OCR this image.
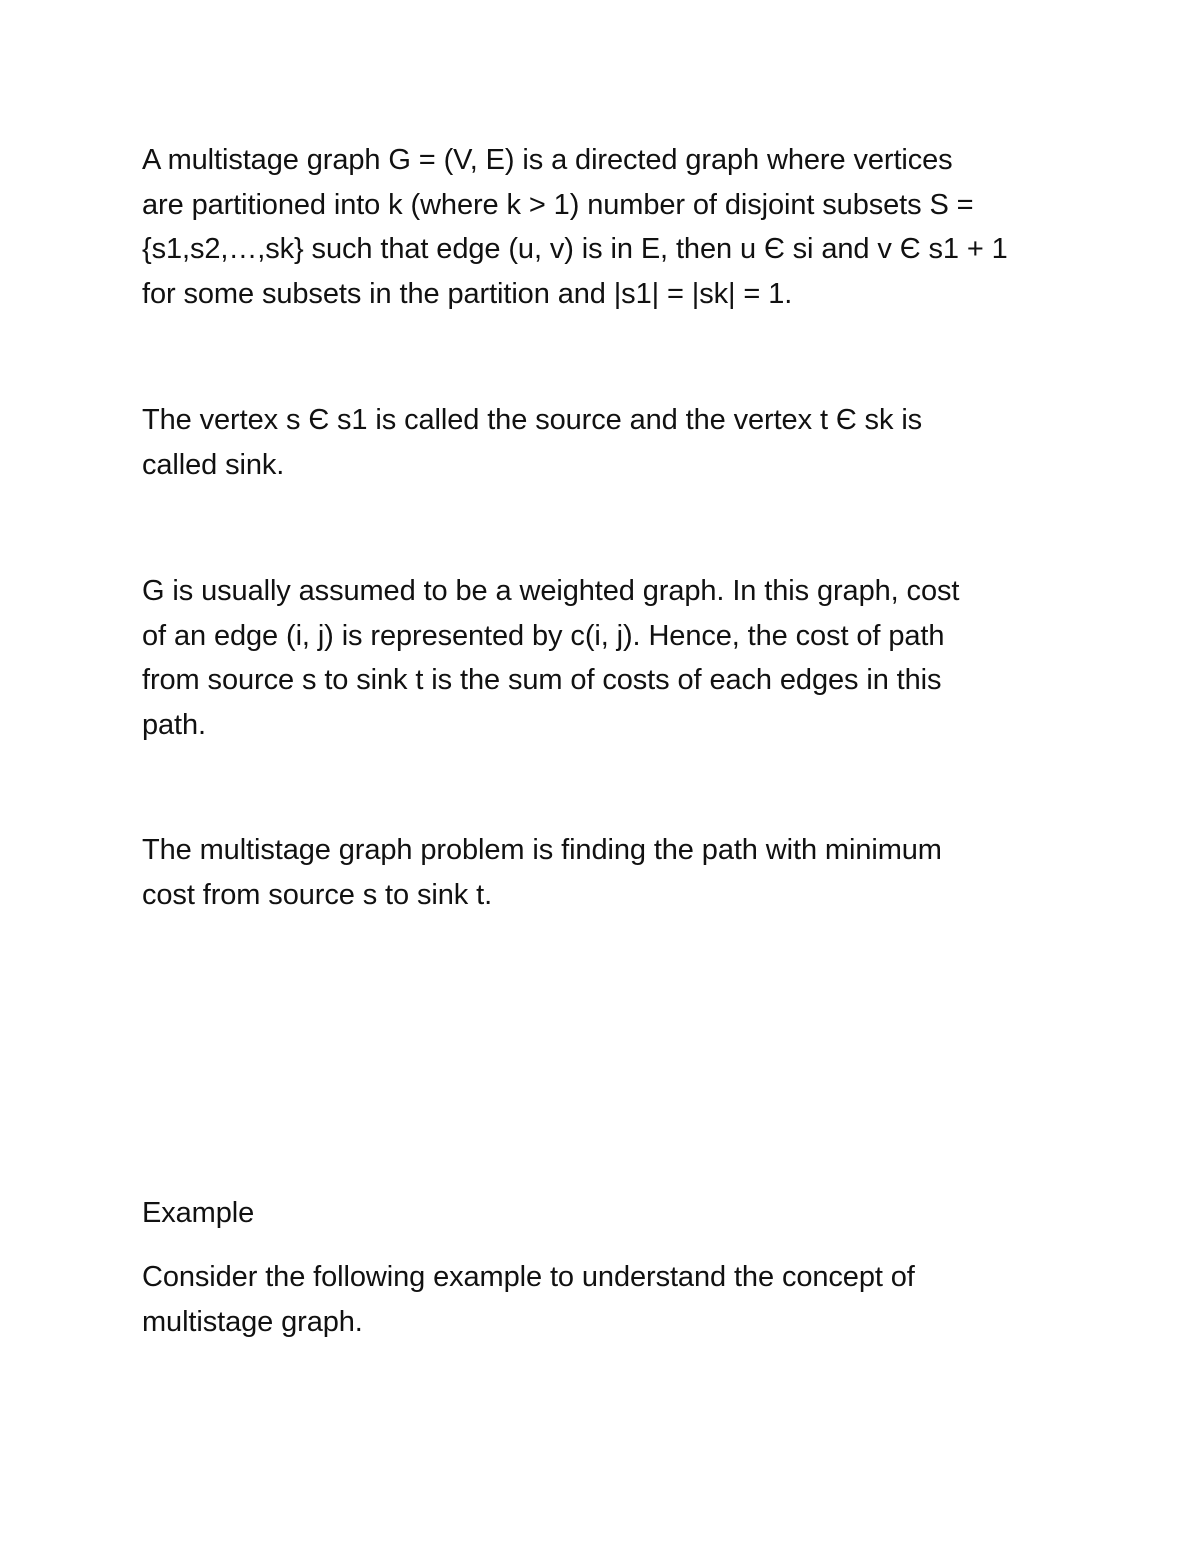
A multistage graph G = (V, E) is a directed graph where vertices
are partitioned into k (where k > 1) number of disjoint subsets S =
{s1,s2,…,sk} such that edge (u, v) is in E, then u Є si and v Є s1 + 1
for some subsets in the partition and |s1| = |sk| = 1.

The vertex s Є s1 is called the source and the vertex t Є sk is
called sink.

G is usually assumed to be a weighted graph. In this graph, cost
of an edge (i, j) is represented by c(i, j). Hence, the cost of path
from source s to sink t is the sum of costs of each edges in this
path.

The multistage graph problem is finding the path with minimum
cost from source s to sink t.

Example

Consider the following example to understand the concept of
multistage graph.
